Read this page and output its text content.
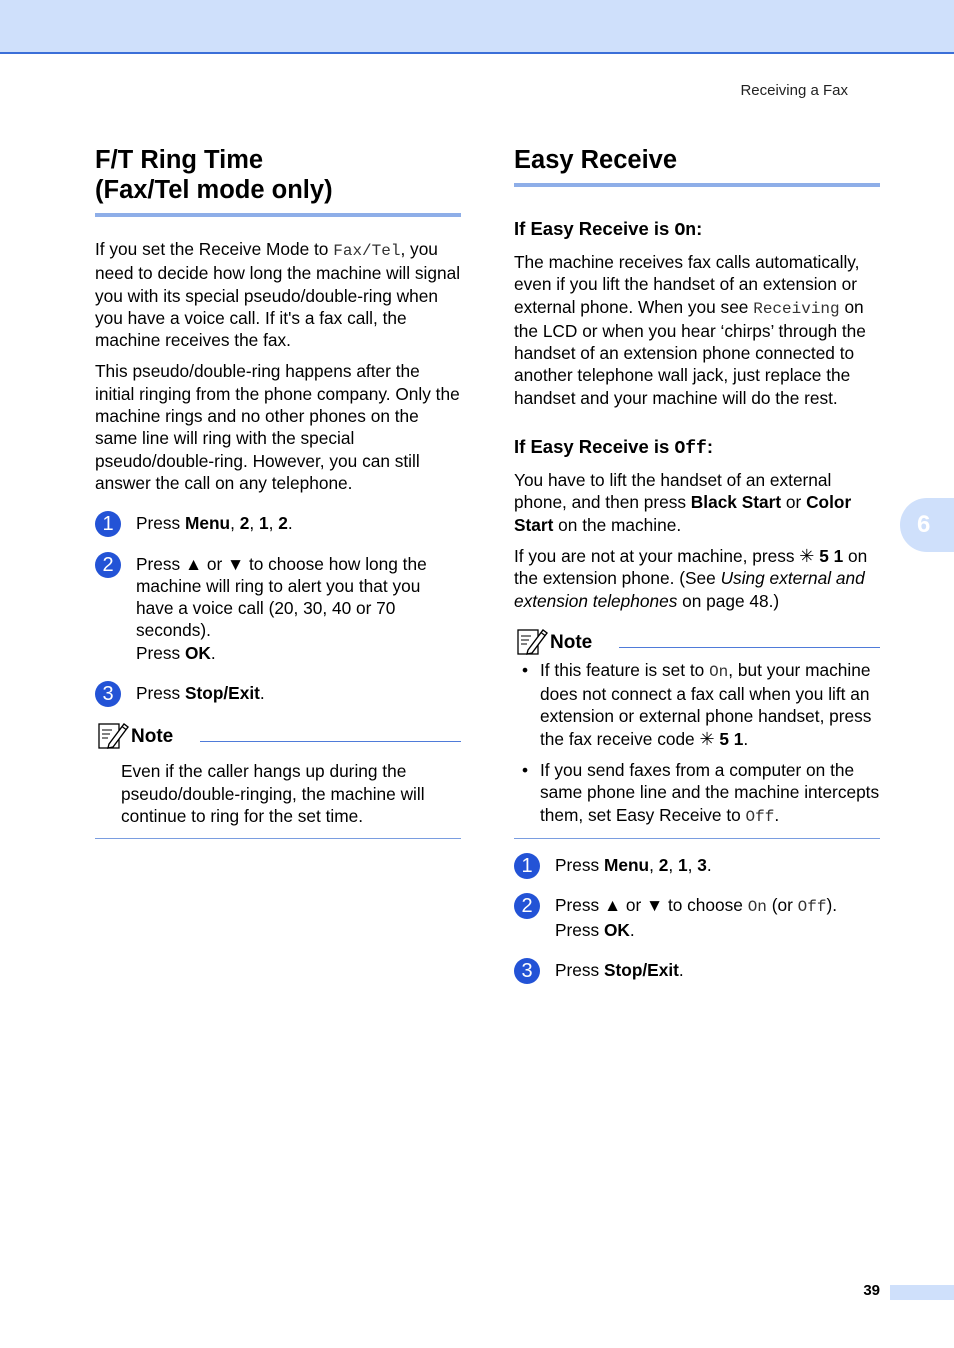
Receiving a Fax
F/T Ring Time
(Fax/Tel mode only)

If you set the Receive Mode to Fax/Tel, you need to decide how long the machine will signal you with its special pseudo/double-ring when you have a voice call. If it's a fax call, the machine receives the fax.

This pseudo/double-ring happens after the initial ringing from the phone company. Only the machine rings and no other phones on the same line will ring with the special pseudo/double-ring. However, you can still answer the call on any telephone.

1	Press Menu, 2, 1, 2.
2	Press ▲ or ▼ to choose how long the machine will ring to alert you that you have a voice call (20, 30, 40 or 70 seconds).
Press OK.
3	Press Stop/Exit.
Note

Even if the caller hangs up during the pseudo/double-ringing, the machine will continue to ring for the set time.

Easy Receive
If Easy Receive is On:

The machine receives fax calls automatically, even if you lift the handset of an extension or external phone. When you see Receiving on the LCD or when you hear ‘chirps’ through the handset of an extension phone connected to another telephone wall jack, just replace the handset and your machine will do the rest.

If Easy Receive is Off:

You have to lift the handset of an external phone, and then press Black Start or Color Start on the machine.

If you are not at your machine, press ✳ 5 1 on the extension phone. (See Using external and extension telephones on page 48.)

Note
• If this feature is set to On, but your machine does not connect a fax call when you lift an extension or external phone handset, press the fax receive code ✳ 5 1.
• If you send faxes from a computer on the same phone line and the machine intercepts them, set Easy Receive to Off.
1	Press Menu, 2, 1, 3.
2	Press ▲ or ▼ to choose On (or Off).
Press OK.
3	Press Stop/Exit.
6
39
